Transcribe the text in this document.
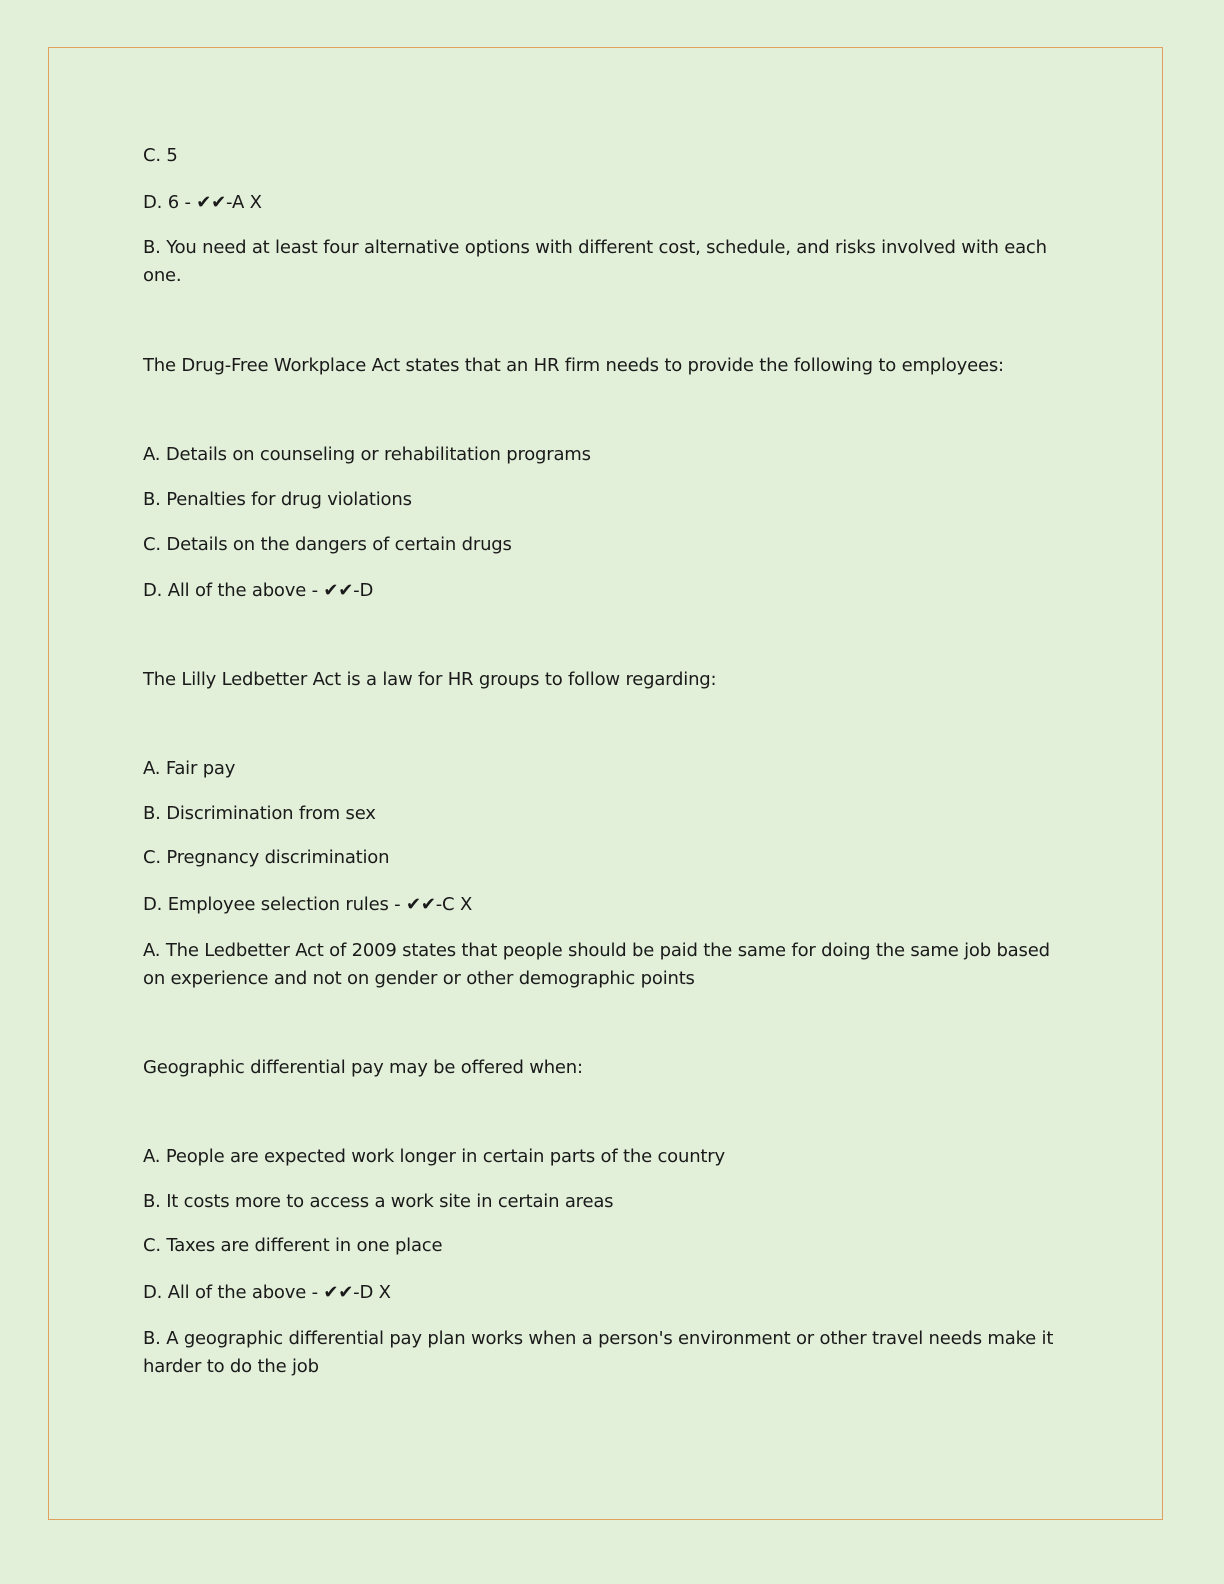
C. 5
D. 6 - ✔✔-A X
B. You need at least four alternative options with different cost, schedule, and risks involved with each one.
The Drug-Free Workplace Act states that an HR firm needs to provide the following to employees:
A. Details on counseling or rehabilitation programs
B. Penalties for drug violations
C. Details on the dangers of certain drugs
D. All of the above - ✔✔-D
The Lilly Ledbetter Act is a law for HR groups to follow regarding:
A. Fair pay
B. Discrimination from sex
C. Pregnancy discrimination
D. Employee selection rules - ✔✔-C X
A. The Ledbetter Act of 2009 states that people should be paid the same for doing the same job based on experience and not on gender or other demographic points
Geographic differential pay may be offered when:
A. People are expected work longer in certain parts of the country
B. It costs more to access a work site in certain areas
C. Taxes are different in one place
D. All of the above - ✔✔-D X
B. A geographic differential pay plan works when a person's environment or other travel needs make it harder to do the job
